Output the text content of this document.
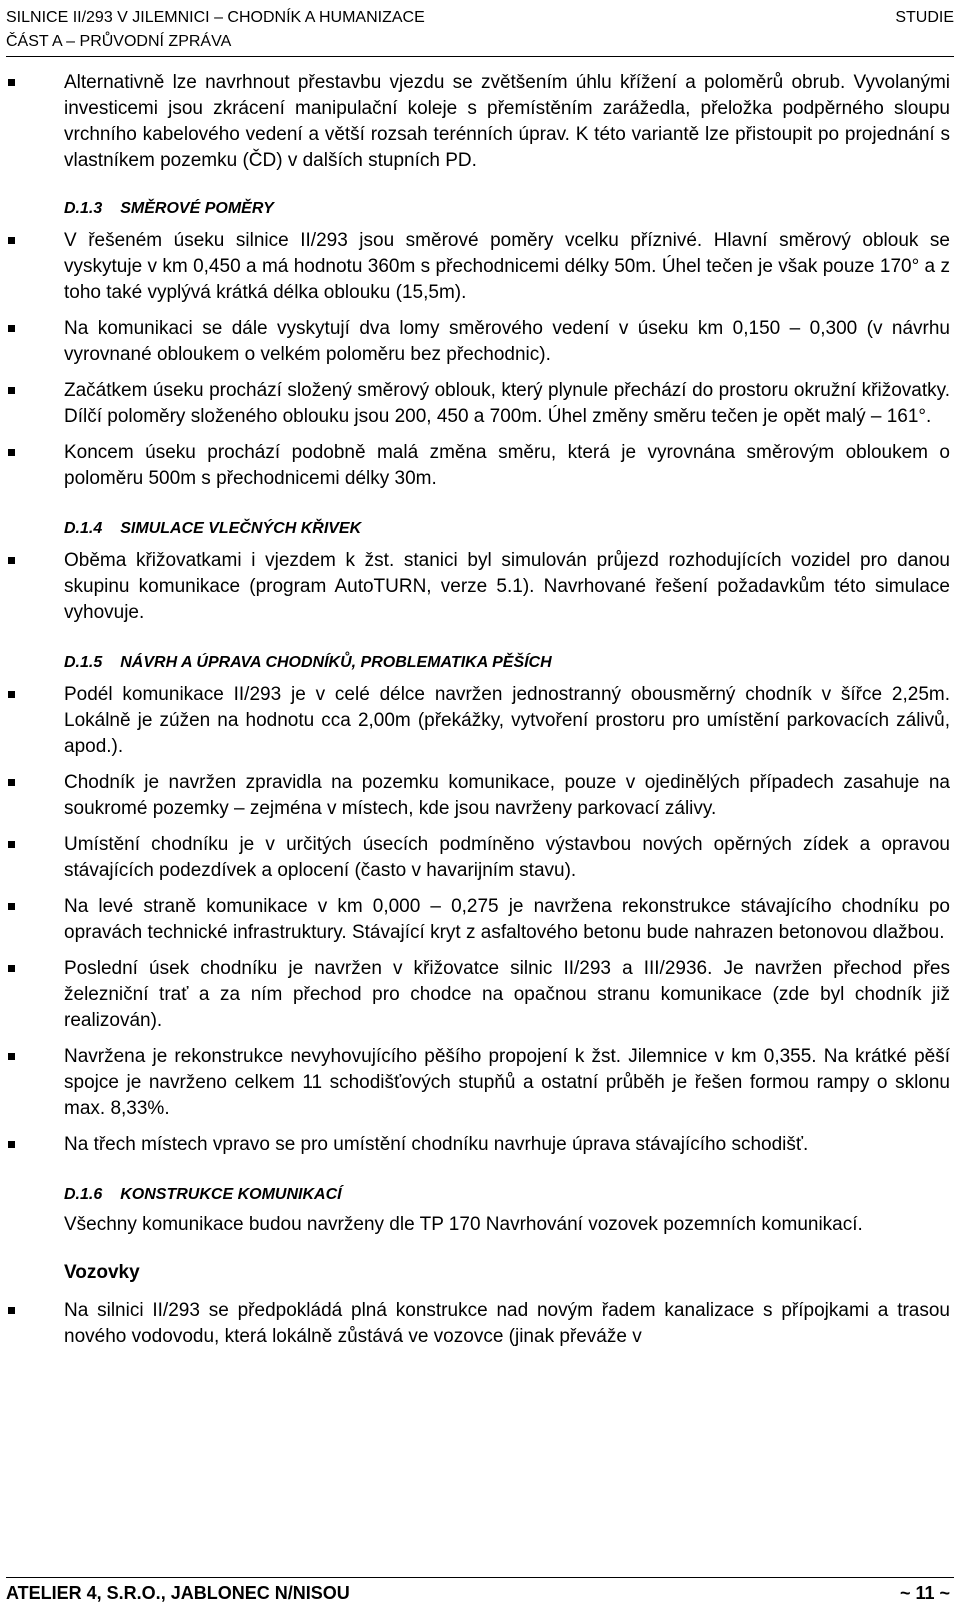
SILNICE II/293 V JILEMNICI – CHODNÍK A HUMANIZACE	STUDIE
ČÁST A – PRŮVODNÍ ZPRÁVA

Alternativně lze navrhnout přestavbu vjezdu se zvětšením úhlu křížení a poloměrů obrub. Vyvolanými investicemi jsou zkrácení manipulační koleje s přemístěním zarážedla, přeložka podpěrného sloupu vrchního kabelového vedení a větší rozsah terénních úprav. K této variantě lze přistoupit po projednání s vlastníkem pozemku (ČD) v dalších stupních PD.

D.1.3 SMĚROVÉ POMĚRY

V řešeném úseku silnice II/293 jsou směrové poměry vcelku příznivé. Hlavní směrový oblouk se vyskytuje v km 0,450 a má hodnotu 360m s přechodnicemi délky 50m. Úhel tečen je však pouze 170° a z toho také vyplývá krátká délka oblouku (15,5m).

Na komunikaci se dále vyskytují dva lomy směrového vedení v úseku km 0,150 – 0,300 (v návrhu vyrovnané obloukem o velkém poloměru bez přechodnic).

Začátkem úseku prochází složený směrový oblouk, který plynule přechází do prostoru okružní křižovatky. Dílčí poloměry složeného oblouku jsou 200, 450 a 700m. Úhel změny směru tečen je opět malý – 161°.

Koncem úseku prochází podobně malá změna směru, která je vyrovnána směrovým obloukem o poloměru 500m s přechodnicemi délky 30m.

D.1.4 SIMULACE VLEČNÝCH KŘIVEK

Oběma křižovatkami i vjezdem k žst. stanici byl simulován průjezd rozhodujících vozidel pro danou skupinu komunikace (program AutoTURN, verze 5.1). Navrhované řešení požadavkům této simulace vyhovuje.

D.1.5 NÁVRH A ÚPRAVA CHODNÍKŮ, PROBLEMATIKA PĚŠÍCH

Podél komunikace II/293 je v celé délce navržen jednostranný obousměrný chodník v šířce 2,25m. Lokálně je zúžen na hodnotu cca 2,00m (překážky, vytvoření prostoru pro umístění parkovacích zálivů, apod.).

Chodník je navržen zpravidla na pozemku komunikace, pouze v ojedinělých případech zasahuje na soukromé pozemky – zejména v místech, kde jsou navrženy parkovací zálivy.

Umístění chodníku je v určitých úsecích podmíněno výstavbou nových opěrných zídek a opravou stávajících podezdívek a oplocení (často v havarijním stavu).

Na levé straně komunikace v km 0,000 – 0,275 je navržena rekonstrukce stávajícího chodníku po opravách technické infrastruktury. Stávající kryt z asfaltového betonu bude nahrazen betonovou dlažbou.

Poslední úsek chodníku je navržen v křižovatce silnic II/293 a III/2936. Je navržen přechod přes železniční trať a za ním přechod pro chodce na opačnou stranu komunikace (zde byl chodník již realizován).

Navržena je rekonstrukce nevyhovujícího pěšího propojení k žst. Jilemnice v km 0,355. Na krátké pěší spojce je navrženo celkem 11 schodišťových stupňů a ostatní průběh je řešen formou rampy o sklonu max. 8,33%.

Na třech místech vpravo se pro umístění chodníku navrhuje úprava stávajícího schodišť.

D.1.6 KONSTRUKCE KOMUNIKACÍ

Všechny komunikace budou navrženy dle TP 170 Navrhování vozovek pozemních komunikací.

Vozovky

Na silnici II/293 se předpokládá plná konstrukce nad novým řadem kanalizace s přípojkami a trasou nového vodovodu, která lokálně zůstává ve vozovce (jinak převáže v

ATELIER 4, S.R.O., JABLONEC N/NISOU	~ 11 ~
